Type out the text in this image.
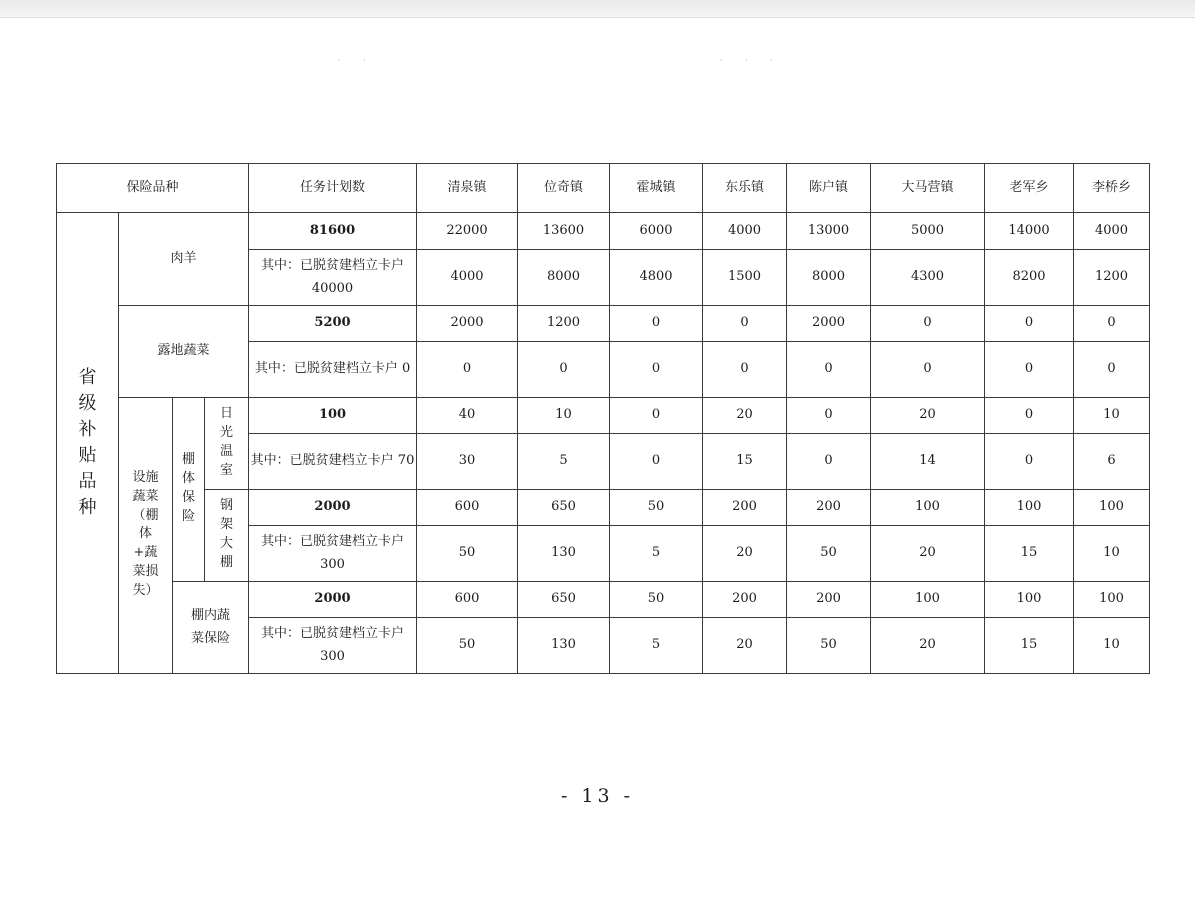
· ·	· · ·
保险品种				任务计划数	清泉镇	位奇镇	霍城镇	东乐镇	陈户镇	大马营镇	老军乡	李桥乡
省级补贴品种	肉羊			81600	22000	13600	6000	4000	13000	5000	14000	4000
				其中：已脱贫建档立卡户 40000	4000	8000	4800	1500	8000	4300	8200	1200
	露地蔬菜			5200	2000	1200	0	0	2000	0	0	0
				其中：已脱贫建档立卡户 0	0	0	0	0	0	0	0	0
	设施蔬菜（棚体+蔬菜损失）	棚体保险	日光温室	100	40	10	0	20	0	20	0	10
				其中：已脱贫建档立卡户 70	30	5	0	15	0	14	0	6
			钢架大棚	2000	600	650	50	200	200	100	100	100
				其中：已脱贫建档立卡户 300	50	130	5	20	50	20	15	10
		棚内蔬菜保险		2000	600	650	50	200	200	100	100	100
				其中：已脱贫建档立卡户 300	50	130	5	20	50	20	15	10
- 13 -
